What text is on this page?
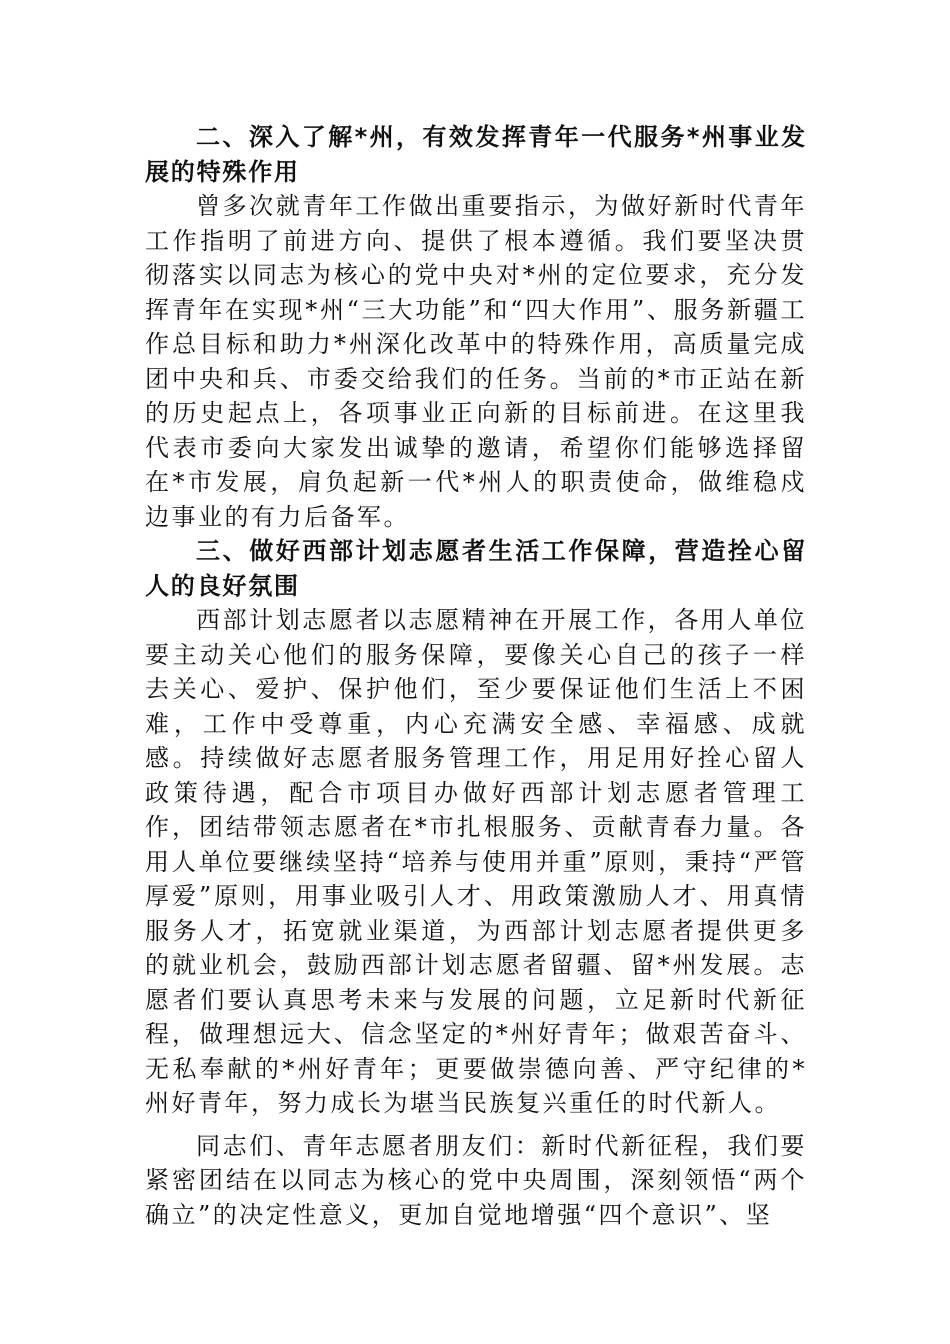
二、深入了解*州，有效发挥青年一代服务*州事业发展的特殊作用

曾多次就青年工作做出重要指示，为做好新时代青年工作指明了前进方向、提供了根本遵循。我们要坚决贯彻落实以同志为核心的党中央对*州的定位要求，充分发挥青年在实现*州“三大功能”和“四大作用”、服务新疆工作总目标和助力*州深化改革中的特殊作用，高质量完成团中央和兵、市委交给我们的任务。当前的*市正站在新的历史起点上，各项事业正向新的目标前进。在这里我代表市委向大家发出诚挚的邀请，希望你们能够选择留在*市发展，肩负起新一代*州人的职责使命，做维稳戍边事业的有力后备军。

三、做好西部计划志愿者生活工作保障，营造拴心留人的良好氛围

西部计划志愿者以志愿精神在开展工作，各用人单位要主动关心他们的服务保障，要像关心自己的孩子一样去关心、爱护、保护他们，至少要保证他们生活上不困难，工作中受尊重，内心充满安全感、幸福感、成就感。持续做好志愿者服务管理工作，用足用好拴心留人政策待遇，配合市项目办做好西部计划志愿者管理工作，团结带领志愿者在*市扎根服务、贡献青春力量。各用人单位要继续坚持“培养与使用并重”原则，秉持“严管厚爱”原则，用事业吸引人才、用政策激励人才、用真情服务人才，拓宽就业渠道，为西部计划志愿者提供更多的就业机会，鼓励西部计划志愿者留疆、留*州发展。志愿者们要认真思考未来与发展的问题，立足新时代新征程，做理想远大、信念坚定的*州好青年；做艰苦奋斗、无私奉献的*州好青年；更要做崇德向善、严守纪律的*州好青年，努力成长为堪当民族复兴重任的时代新人。

同志们、青年志愿者朋友们：新时代新征程，我们要紧密团结在以同志为核心的党中央周围，深刻领悟“两个确立”的决定性意义，更加自觉地增强“四个意识”、坚
